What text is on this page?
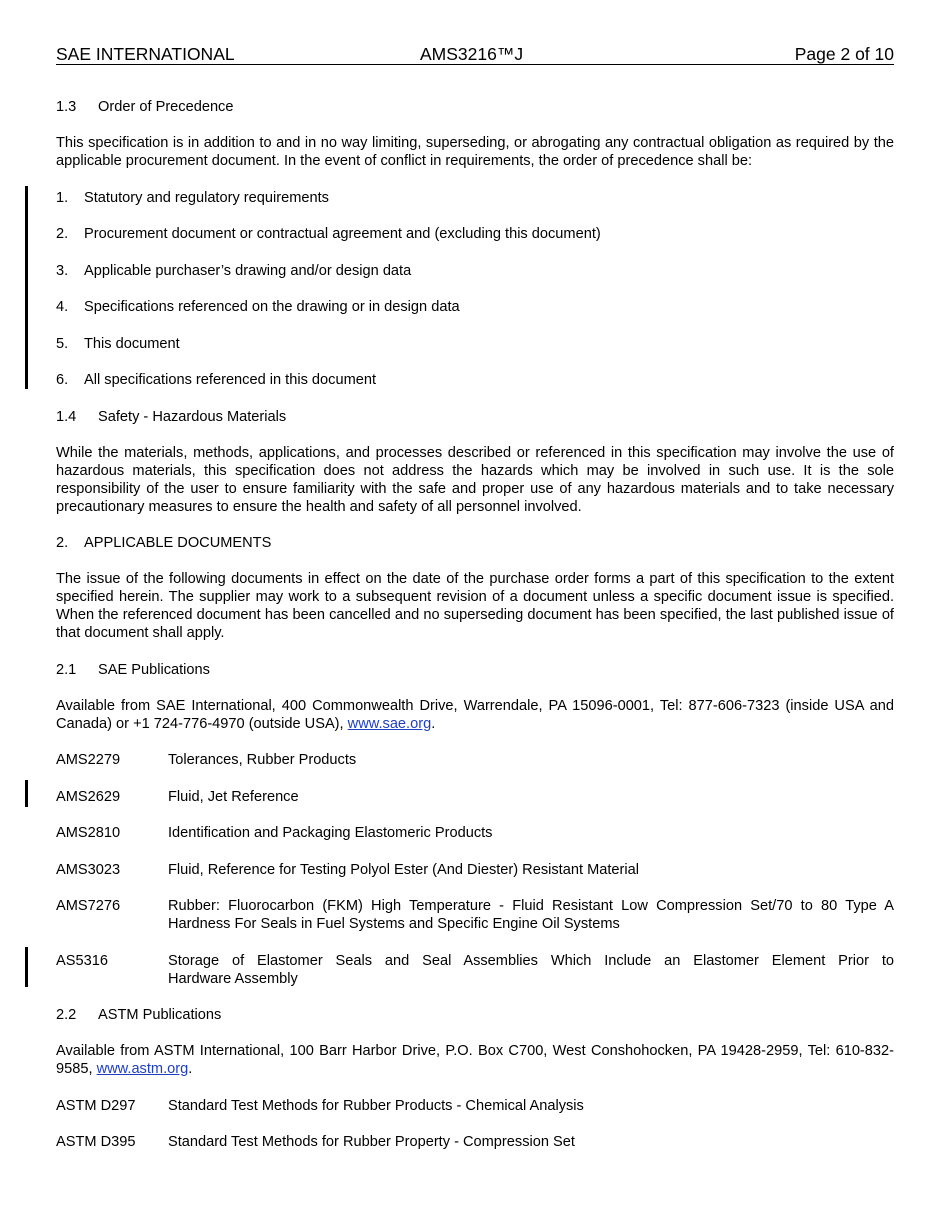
SAE INTERNATIONAL	AMS3216™J	Page 2 of 10
1.3 Order of Precedence
This specification is in addition to and in no way limiting, superseding, or abrogating any contractual obligation as required by the applicable procurement document. In the event of conflict in requirements, the order of precedence shall be:
1. Statutory and regulatory requirements
2. Procurement document or contractual agreement and (excluding this document)
3. Applicable purchaser’s drawing and/or design data
4. Specifications referenced on the drawing or in design data
5. This document
6. All specifications referenced in this document
1.4 Safety - Hazardous Materials
While the materials, methods, applications, and processes described or referenced in this specification may involve the use of hazardous materials, this specification does not address the hazards which may be involved in such use. It is the sole responsibility of the user to ensure familiarity with the safe and proper use of any hazardous materials and to take necessary precautionary measures to ensure the health and safety of all personnel involved.
2. APPLICABLE DOCUMENTS
The issue of the following documents in effect on the date of the purchase order forms a part of this specification to the extent specified herein. The supplier may work to a subsequent revision of a document unless a specific document issue is specified. When the referenced document has been cancelled and no superseding document has been specified, the last published issue of that document shall apply.
2.1 SAE Publications
Available from SAE International, 400 Commonwealth Drive, Warrendale, PA 15096-0001, Tel: 877-606-7323 (inside USA and Canada) or +1 724-776-4970 (outside USA), www.sae.org.
AMS2279	Tolerances, Rubber Products
AMS2629	Fluid, Jet Reference
AMS2810	Identification and Packaging Elastomeric Products
AMS3023	Fluid, Reference for Testing Polyol Ester (And Diester) Resistant Material
AMS7276	Rubber: Fluorocarbon (FKM) High Temperature - Fluid Resistant Low Compression Set/70 to 80 Type A
Hardness For Seals in Fuel Systems and Specific Engine Oil Systems
AS5316	Storage of Elastomer Seals and Seal Assemblies Which Include an Elastomer Element Prior to
Hardware Assembly
2.2 ASTM Publications
Available from ASTM International, 100 Barr Harbor Drive, P.O. Box C700, West Conshohocken, PA 19428-2959, Tel: 610-832-9585, www.astm.org.
ASTM D297 Standard Test Methods for Rubber Products - Chemical Analysis
ASTM D395 Standard Test Methods for Rubber Property - Compression Set
